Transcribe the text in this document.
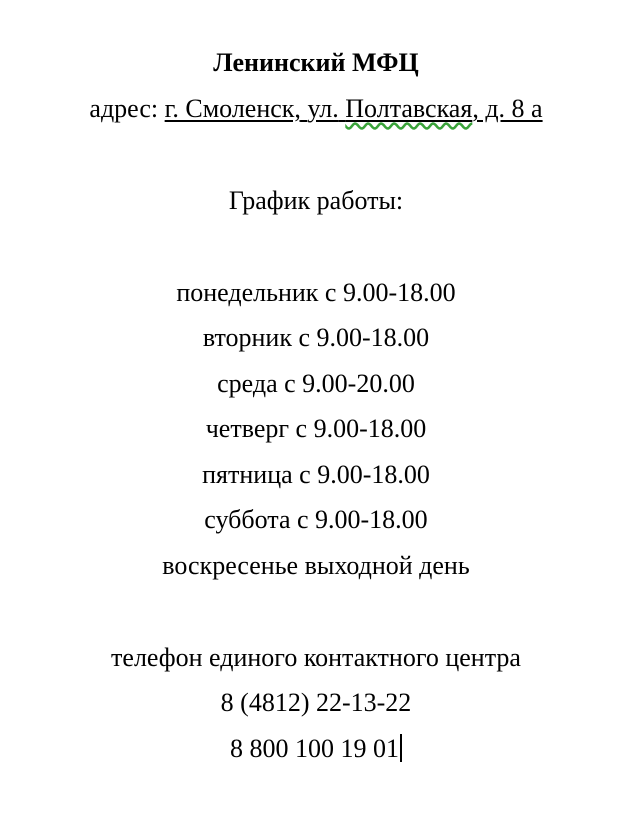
Ленинский МФЦ
адрес: г. Смоленск, ул. Полтавская, д. 8 а
График работы:
понедельник с 9.00-18.00
вторник с 9.00-18.00
среда с 9.00-20.00
четверг с 9.00-18.00
пятница с 9.00-18.00
суббота с 9.00-18.00
воскресенье выходной день
телефон единого контактного центра
8 (4812) 22-13-22
8 800 100 19 01
